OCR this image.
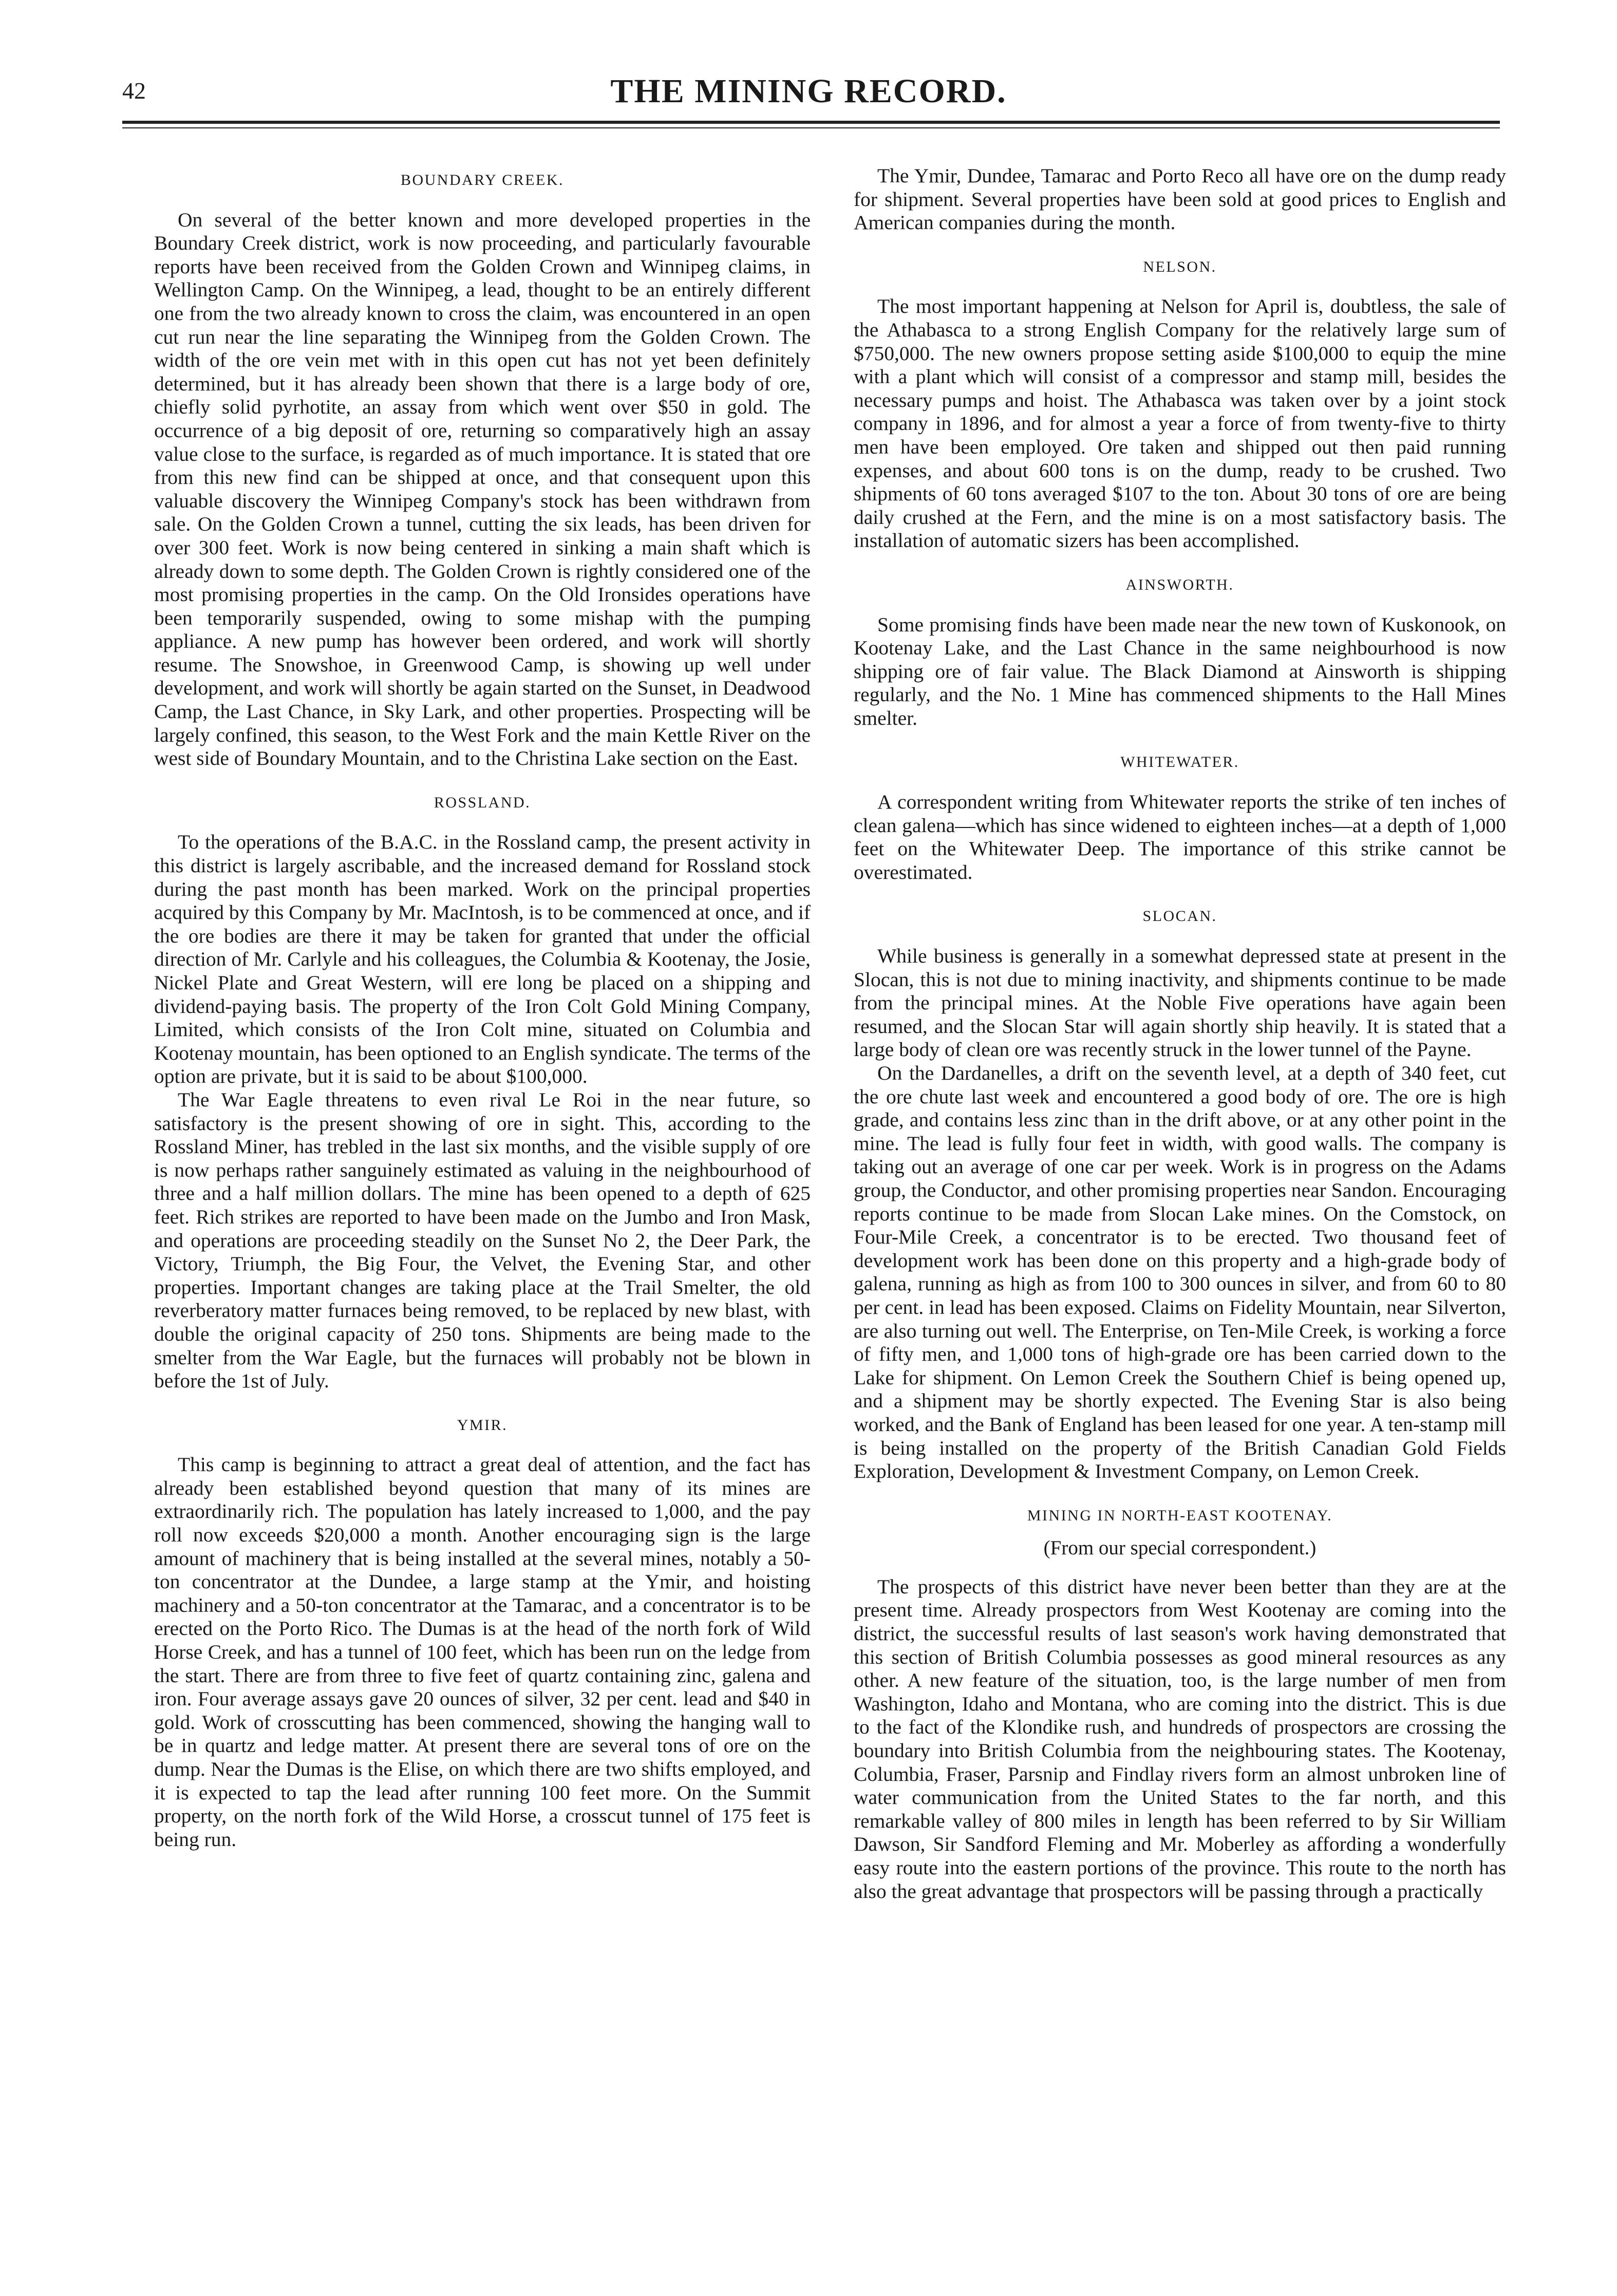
42	THE MINING RECORD.
BOUNDARY CREEK.

On several of the better known and more developed properties in the Boundary Creek district, work is now proceeding, and particularly favourable reports have been received from the Golden Crown and Winnipeg claims, in Wellington Camp. On the Winnipeg, a lead, thought to be an entirely different one from the two already known to cross the claim, was encountered in an open cut run near the line separating the Winnipeg from the Golden Crown. The width of the ore vein met with in this open cut has not yet been definitely determined, but it has already been shown that there is a large body of ore, chiefly solid pyrhotite, an assay from which went over $50 in gold. The occurrence of a big deposit of ore, returning so comparatively high an assay value close to the surface, is regarded as of much importance. It is stated that ore from this new find can be shipped at once, and that consequent upon this valuable discovery the Winnipeg Company's stock has been withdrawn from sale. On the Golden Crown a tunnel, cutting the six leads, has been driven for over 300 feet. Work is now being centered in sinking a main shaft which is already down to some depth. The Golden Crown is rightly considered one of the most promising properties in the camp. On the Old Ironsides operations have been temporarily suspended, owing to some mishap with the pumping appliance. A new pump has however been ordered, and work will shortly resume. The Snowshoe, in Greenwood Camp, is showing up well under development, and work will shortly be again started on the Sunset, in Deadwood Camp, the Last Chance, in Sky Lark, and other properties. Prospecting will be largely confined, this season, to the West Fork and the main Kettle River on the west side of Boundary Mountain, and to the Christina Lake section on the East.

ROSSLAND.

To the operations of the B.A.C. in the Rossland camp, the present activity in this district is largely ascribable, and the increased demand for Rossland stock during the past month has been marked. Work on the principal properties acquired by this Company by Mr. MacIntosh, is to be commenced at once, and if the ore bodies are there it may be taken for granted that under the official direction of Mr. Carlyle and his colleagues, the Columbia & Kootenay, the Josie, Nickel Plate and Great Western, will ere long be placed on a shipping and dividend-paying basis. The property of the Iron Colt Gold Mining Company, Limited, which consists of the Iron Colt mine, situated on Columbia and Kootenay mountain, has been optioned to an English syndicate. The terms of the option are private, but it is said to be about $100,000.

The War Eagle threatens to even rival Le Roi in the near future, so satisfactory is the present showing of ore in sight. This, according to the Rossland Miner, has trebled in the last six months, and the visible supply of ore is now perhaps rather sanguinely estimated as valuing in the neighbourhood of three and a half million dollars. The mine has been opened to a depth of 625 feet. Rich strikes are reported to have been made on the Jumbo and Iron Mask, and operations are proceeding steadily on the Sunset No 2, the Deer Park, the Victory, Triumph, the Big Four, the Velvet, the Evening Star, and other properties. Important changes are taking place at the Trail Smelter, the old reverberatory matter furnaces being removed, to be replaced by new blast, with double the original capacity of 250 tons. Shipments are being made to the smelter from the War Eagle, but the furnaces will probably not be blown in before the 1st of July.

YMIR.

This camp is beginning to attract a great deal of attention, and the fact has already been established beyond question that many of its mines are extraordinarily rich. The population has lately increased to 1,000, and the pay roll now exceeds $20,000 a month. Another encouraging sign is the large amount of machinery that is being installed at the several mines, notably a 50-ton concentrator at the Dundee, a large stamp at the Ymir, and hoisting machinery and a 50-ton concentrator at the Tamarac, and a concentrator is to be erected on the Porto Rico. The Dumas is at the head of the north fork of Wild Horse Creek, and has a tunnel of 100 feet, which has been run on the ledge from the start. There are from three to five feet of quartz containing zinc, galena and iron. Four average assays gave 20 ounces of silver, 32 per cent. lead and $40 in gold. Work of crosscutting has been commenced, showing the hanging wall to be in quartz and ledge matter. At present there are several tons of ore on the dump. Near the Dumas is the Elise, on which there are two shifts employed, and it is expected to tap the lead after running 100 feet more. On the Summit property, on the north fork of the Wild Horse, a crosscut tunnel of 175 feet is being run.

The Ymir, Dundee, Tamarac and Porto Reco all have ore on the dump ready for shipment. Several properties have been sold at good prices to English and American companies during the month.

NELSON.

The most important happening at Nelson for April is, doubtless, the sale of the Athabasca to a strong English Company for the relatively large sum of $750,000. The new owners propose setting aside $100,000 to equip the mine with a plant which will consist of a compressor and stamp mill, besides the necessary pumps and hoist. The Athabasca was taken over by a joint stock company in 1896, and for almost a year a force of from twenty-five to thirty men have been employed. Ore taken and shipped out then paid running expenses, and about 600 tons is on the dump, ready to be crushed. Two shipments of 60 tons averaged $107 to the ton. About 30 tons of ore are being daily crushed at the Fern, and the mine is on a most satisfactory basis. The installation of automatic sizers has been accomplished.

AINSWORTH.

Some promising finds have been made near the new town of Kuskonook, on Kootenay Lake, and the Last Chance in the same neighbourhood is now shipping ore of fair value. The Black Diamond at Ainsworth is shipping regularly, and the No. 1 Mine has commenced shipments to the Hall Mines smelter.

WHITEWATER.

A correspondent writing from Whitewater reports the strike of ten inches of clean galena—which has since widened to eighteen inches—at a depth of 1,000 feet on the Whitewater Deep. The importance of this strike cannot be overestimated.

SLOCAN.

While business is generally in a somewhat depressed state at present in the Slocan, this is not due to mining inactivity, and shipments continue to be made from the principal mines. At the Noble Five operations have again been resumed, and the Slocan Star will again shortly ship heavily. It is stated that a large body of clean ore was recently struck in the lower tunnel of the Payne.

On the Dardanelles, a drift on the seventh level, at a depth of 340 feet, cut the ore chute last week and encountered a good body of ore. The ore is high grade, and contains less zinc than in the drift above, or at any other point in the mine. The lead is fully four feet in width, with good walls. The company is taking out an average of one car per week. Work is in progress on the Adams group, the Conductor, and other promising properties near Sandon. Encouraging reports continue to be made from Slocan Lake mines. On the Comstock, on Four-Mile Creek, a concentrator is to be erected. Two thousand feet of development work has been done on this property and a high-grade body of galena, running as high as from 100 to 300 ounces in silver, and from 60 to 80 per cent. in lead has been exposed. Claims on Fidelity Mountain, near Silverton, are also turning out well. The Enterprise, on Ten-Mile Creek, is working a force of fifty men, and 1,000 tons of high-grade ore has been carried down to the Lake for shipment. On Lemon Creek the Southern Chief is being opened up, and a shipment may be shortly expected. The Evening Star is also being worked, and the Bank of England has been leased for one year. A ten-stamp mill is being installed on the property of the British Canadian Gold Fields Exploration, Development & Investment Company, on Lemon Creek.

MINING IN NORTH-EAST KOOTENAY.
(From our special correspondent.)

The prospects of this district have never been better than they are at the present time. Already prospectors from West Kootenay are coming into the district, the successful results of last season's work having demonstrated that this section of British Columbia possesses as good mineral resources as any other. A new feature of the situation, too, is the large number of men from Washington, Idaho and Montana, who are coming into the district. This is due to the fact of the Klondike rush, and hundreds of prospectors are crossing the boundary into British Columbia from the neighbouring states. The Kootenay, Columbia, Fraser, Parsnip and Findlay rivers form an almost unbroken line of water communication from the United States to the far north, and this remarkable valley of 800 miles in length has been referred to by Sir William Dawson, Sir Sandford Fleming and Mr. Moberley as affording a wonderfully easy route into the eastern portions of the province. This route to the north has also the great advantage that prospectors will be passing through a practically
